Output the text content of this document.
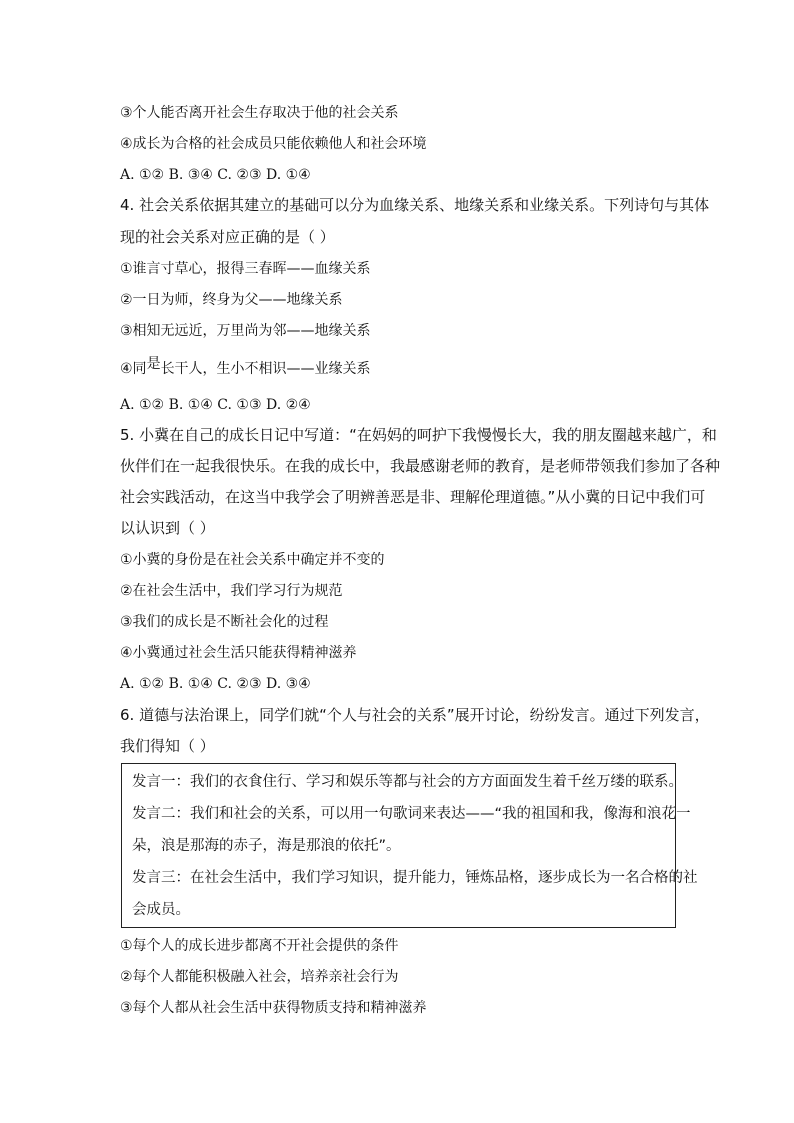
③个人能否离开社会生存取决于他的社会关系
④成长为合格的社会成员只能依赖他人和社会环境
A. ①② B. ③④ C. ②③ D. ①④
4. 社会关系依据其建立的基础可以分为血缘关系、地缘关系和业缘关系。下列诗句与其体
现的社会关系对应正确的是（ ）
①谁言寸草心，报得三春晖——血缘关系
②一日为师，终身为父——地缘关系
③相知无远近，万里尚为邻——地缘关系
④同是长干人，生小不相识——业缘关系
A. ①② B. ①④ C. ①③ D. ②④
5. 小冀在自己的成长日记中写道：“在妈妈的呵护下我慢慢长大，我的朋友圈越来越广，和
伙伴们在一起我很快乐。在我的成长中，我最感谢老师的教育，是老师带领我们参加了各种
社会实践活动，在这当中我学会了明辨善恶是非、理解伦理道德。”从小冀的日记中我们可
以认识到（ ）
①小冀的身份是在社会关系中确定并不变的
②在社会生活中，我们学习行为规范
③我们的成长是不断社会化的过程
④小冀通过社会生活只能获得精神滋养
A. ①② B. ①④ C. ②③ D. ③④
6. 道德与法治课上，同学们就“个人与社会的关系”展开讨论，纷纷发言。通过下列发言，
我们得知（ ）
发言一：我们的衣食住行、学习和娱乐等都与社会的方方面面发生着千丝万缕的联系。
发言二：我们和社会的关系，可以用一句歌词来表达——“我的祖国和我，像海和浪花一
朵，浪是那海的赤子，海是那浪的依托”。
发言三：在社会生活中，我们学习知识，提升能力，锤炼品格，逐步成长为一名合格的社
会成员。
①每个人的成长进步都离不开社会提供的条件
②每个人都能积极融入社会，培养亲社会行为
③每个人都从社会生活中获得物质支持和精神滋养
